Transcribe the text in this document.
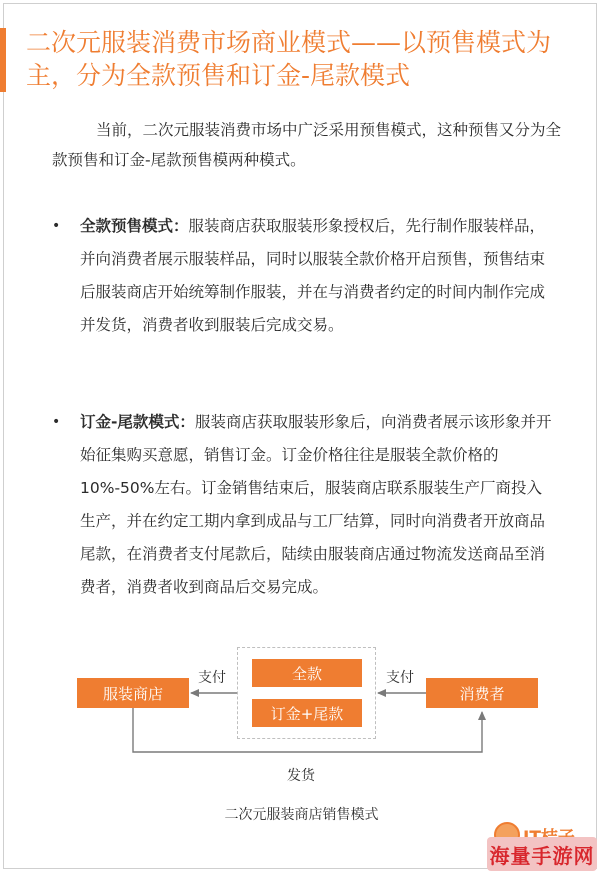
二次元服装消费市场商业模式——以预售模式为主，分为全款预售和订金-尾款模式

当前，二次元服装消费市场中广泛采用预售模式，这种预售又分为全款预售和订金-尾款预售模两种模式。

• 全款预售模式：服装商店获取服装形象授权后，先行制作服装样品，并向消费者展示服装样品，同时以服装全款价格开启预售，预售结束后服装商店开始统筹制作服装，并在与消费者约定的时间内制作完成并发货，消费者收到服装后完成交易。
• 订金-尾款模式：服装商店获取服装形象后，向消费者展示该形象并开始征集购买意愿，销售订金。订金价格往往是服装全款价格的10%-50%左右。订金销售结束后，服装商店联系服装生产厂商投入生产，并在约定工期内拿到成品与工厂结算，同时向消费者开放商品尾款，在消费者支付尾款后，陆续由服装商店通过物流发送商品至消费者，消费者收到商品后交易完成。
服装商店	消费者
全款
订金+尾款
支付	支付
发货
二次元服装商店销售模式
海量手游网
